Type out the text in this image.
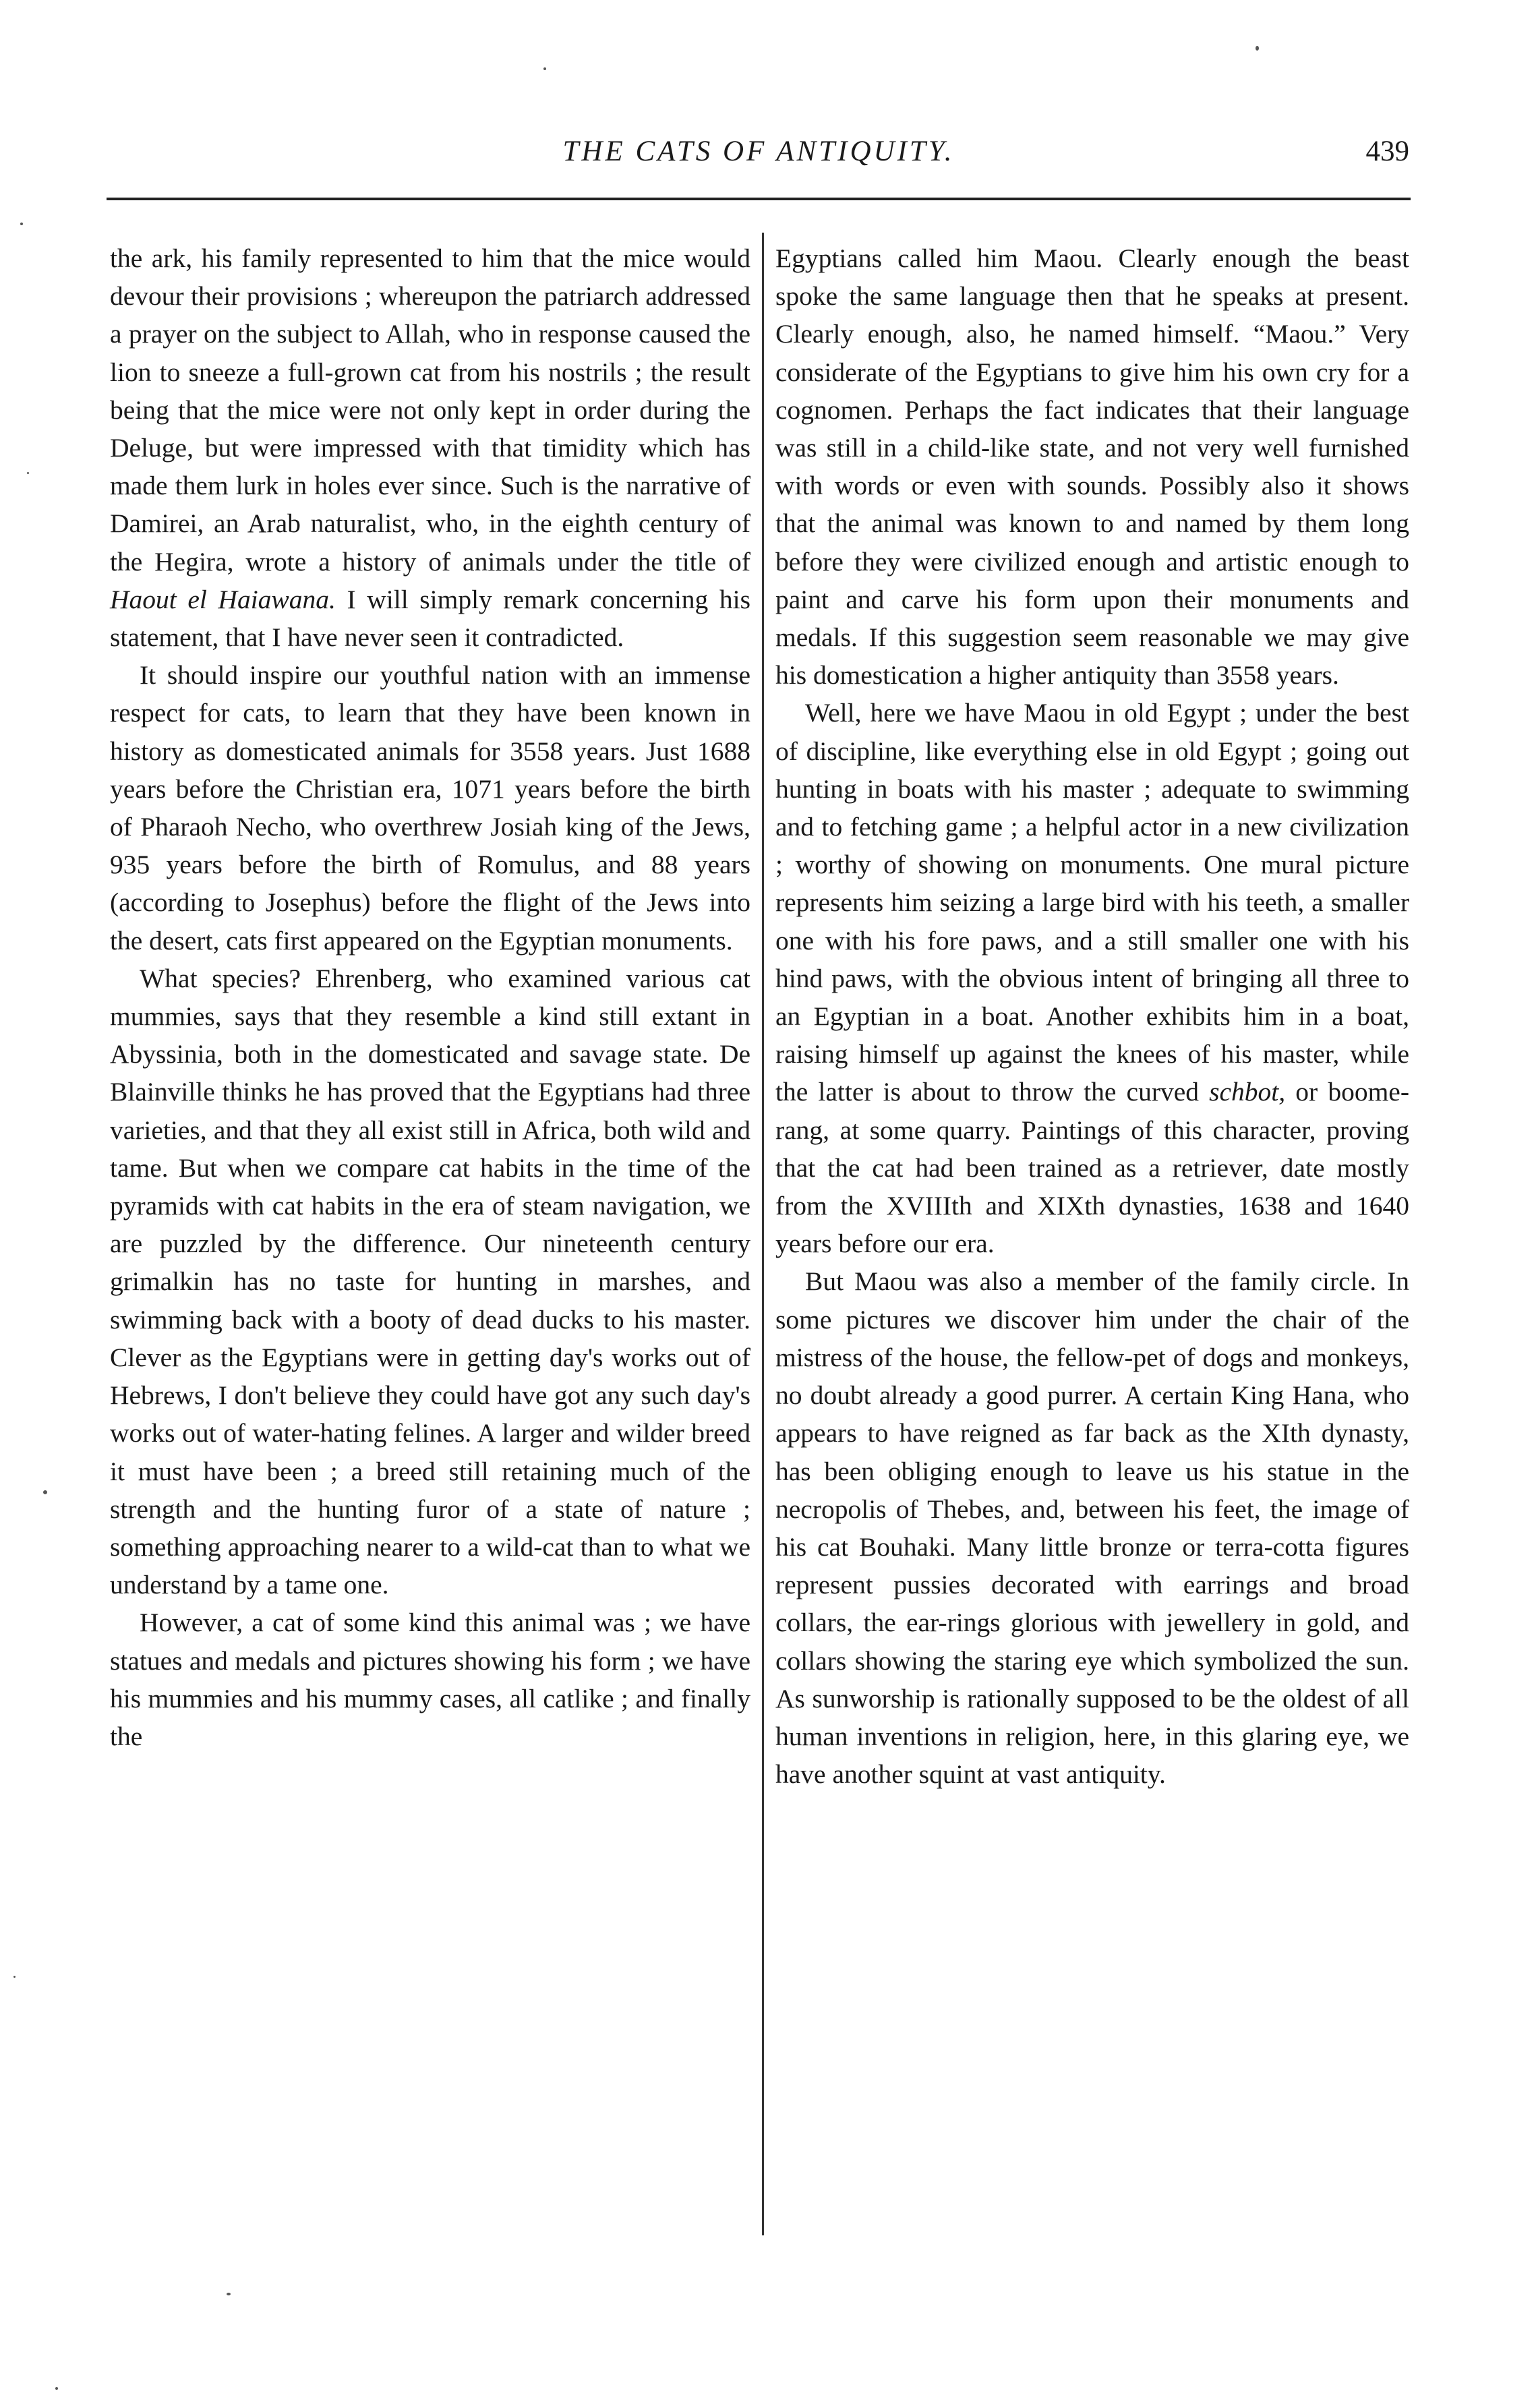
THE CATS OF ANTIQUITY.	439

the ark, his family represented to him that the mice would devour their provisions ; whereupon the patriarch addressed a prayer on the subject to Allah, who in response caused the lion to sneeze a full-grown cat from his nostrils ; the result being that the mice were not only kept in order during the Deluge, but were impressed with that timidity which has made them lurk in holes ever since. Such is the narrative of Damirei, an Arab naturalist, who, in the eighth century of the Hegira, wrote a history of animals under the title of Haout el Haiawana. I will simply remark concerning his statement, that I have never seen it contradicted.

It should inspire our youthful nation with an immense respect for cats, to learn that they have been known in history as domesticated animals for 3558 years. Just 1688 years before the Christian era, 1071 years before the birth of Pharaoh Necho, who overthrew Josiah king of the Jews, 935 years before the birth of Romulus, and 88 years (according to Josephus) before the flight of the Jews into the desert, cats first appeared on the Egyptian monuments.

What species? Ehrenberg, who examined various cat mummies, says that they resemble a kind still extant in Abyssinia, both in the domesticated and savage state. De Blainville thinks he has proved that the Egyptians had three varieties, and that they all exist still in Africa, both wild and tame. But when we compare cat habits in the time of the pyramids with cat habits in the era of steam navigation, we are puzzled by the difference. Our nineteenth century grimalkin has no taste for hunting in marshes, and swimming back with a booty of dead ducks to his master. Clever as the Egyptians were in getting day's works out of Hebrews, I don't believe they could have got any such day's works out of water-hating felines. A larger and wilder breed it must have been ; a breed still retaining much of the strength and the hunting furor of a state of nature ; something approaching nearer to a wild-cat than to what we understand by a tame one.

However, a cat of some kind this animal was ; we have statues and medals and pictures showing his form ; we have his mummies and his mummy cases, all catlike ; and finally the

Egyptians called him Maou. Clearly enough the beast spoke the same language then that he speaks at present. Clearly enough, also, he named himself. “Maou.” Very considerate of the Egyptians to give him his own cry for a cognomen. Perhaps the fact indicates that their language was still in a child-like state, and not very well furnished with words or even with sounds. Possibly also it shows that the animal was known to and named by them long before they were civilized enough and artistic enough to paint and carve his form upon their monuments and medals. If this suggestion seem reasonable we may give his domestication a higher antiquity than 3558 years.

Well, here we have Maou in old Egypt ; under the best of discipline, like everything else in old Egypt ; going out hunting in boats with his master ; adequate to swimming and to fetching game ; a helpful actor in a new civilization ; worthy of showing on monuments. One mural picture represents him seizing a large bird with his teeth, a smaller one with his fore paws, and a still smaller one with his hind paws, with the obvious intent of bringing all three to an Egyptian in a boat. Another exhibits him in a boat, raising himself up against the knees of his master, while the latter is about to throw the curved schbot, or boomerang, at some quarry. Paintings of this character, proving that the cat had been trained as a retriever, date mostly from the XVIIIth and XIXth dynasties, 1638 and 1640 years before our era.

But Maou was also a member of the family circle. In some pictures we discover him under the chair of the mistress of the house, the fellow-pet of dogs and monkeys, no doubt already a good purrer. A certain King Hana, who appears to have reigned as far back as the XIth dynasty, has been obliging enough to leave us his statue in the necropolis of Thebes, and, between his feet, the image of his cat Bouhaki. Many little bronze or terra-cotta figures represent pussies decorated with earrings and broad collars, the ear-rings glorious with jewellery in gold, and collars showing the staring eye which symbolized the sun. As sunworship is rationally supposed to be the oldest of all human inventions in religion, here, in this glaring eye, we have another squint at vast antiquity.
